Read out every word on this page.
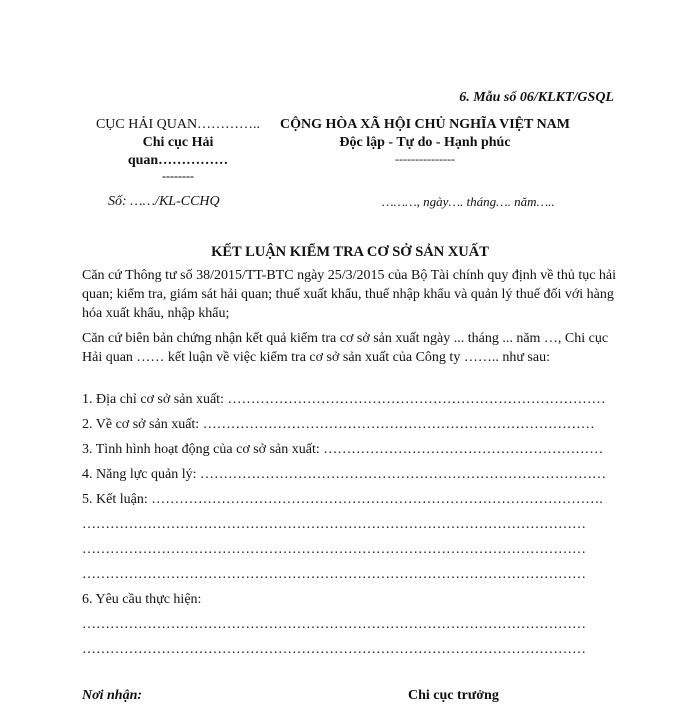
6. Mẫu số 06/KLKT/GSQL
CỤC HẢI QUAN…………..
Chi cục Hải
quan……………
--------
CỘNG HÒA XÃ HỘI CHỦ NGHĨA VIỆT NAM
Độc lập - Tự do - Hạnh phúc
---------------
Số: ……/KL-CCHQ	………, ngày…. tháng…. năm…..
KẾT LUẬN KIỂM TRA CƠ SỞ SẢN XUẤT

Căn cứ Thông tư số 38/2015/TT-BTC ngày 25/3/2015 của Bộ Tài chính quy định về thủ tục hải quan; kiểm tra, giám sát hải quan; thuế xuất khẩu, thuế nhập khẩu và quản lý thuế đối với hàng hóa xuất khẩu, nhập khẩu;

Căn cứ biên bản chứng nhận kết quả kiểm tra cơ sở sản xuất ngày ... tháng ... năm …, Chi cục Hải quan …… kết luận về việc kiểm tra cơ sở sản xuất của Công ty …….. như sau:

1. Địa chỉ cơ sở sản xuất: ………………………………………………………………………
2. Về cơ sở sản xuất: …………………………………………………………………………
3. Tình hình hoạt động của cơ sở sản xuất: ……………………………………………………
4. Năng lực quản lý: ……………………………………………………………………………
5. Kết luận: …………………………………………………………………………………….
………………………………………………………………………………………………
………………………………………………………………………………………………
………………………………………………………………………………………………
6. Yêu cầu thực hiện:
………………………………………………………………………………………………
………………………………………………………………………………………………
Nơi nhận:	Chi cục trưởng
